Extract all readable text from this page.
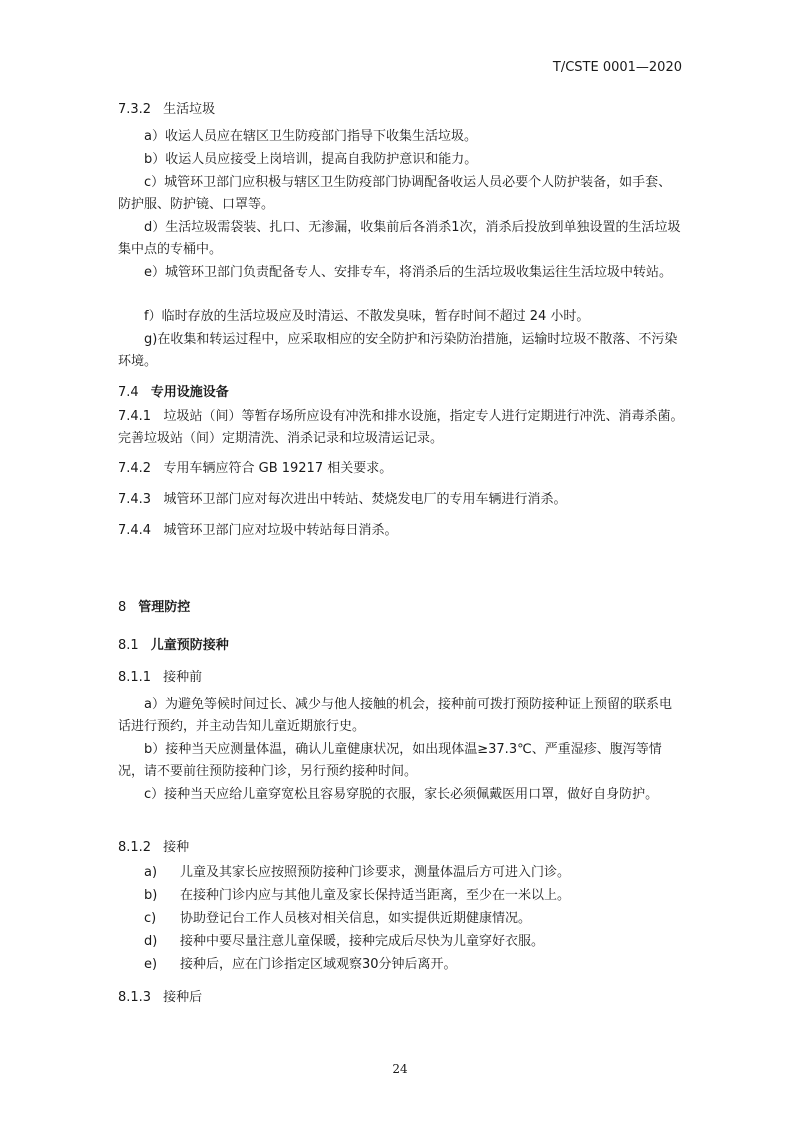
T/CSTE 0001—2020
7.3.2 生活垃圾
a）收运人员应在辖区卫生防疫部门指导下收集生活垃圾。
b）收运人员应接受上岗培训，提高自我防护意识和能力。
c）城管环卫部门应积极与辖区卫生防疫部门协调配备收运人员必要个人防护装备，如手套、防护服、防护镜、口罩等。
d）生活垃圾需袋装、扎口、无渗漏，收集前后各消杀1次，消杀后投放到单独设置的生活垃圾集中点的专桶中。
e）城管环卫部门负责配备专人、安排专车，将消杀后的生活垃圾收集运往生活垃圾中转站。
f）临时存放的生活垃圾应及时清运、不散发臭味，暂存时间不超过 24 小时。
g)在收集和转运过程中，应采取相应的安全防护和污染防治措施，运输时垃圾不散落、不污染环境。
7.4 专用设施设备
7.4.1 垃圾站（间）等暂存场所应设有冲洗和排水设施，指定专人进行定期进行冲洗、消毒杀菌。完善垃圾站（间）定期清洗、消杀记录和垃圾清运记录。
7.4.2 专用车辆应符合 GB 19217 相关要求。
7.4.3 城管环卫部门应对每次进出中转站、焚烧发电厂的专用车辆进行消杀。
7.4.4 城管环卫部门应对垃圾中转站每日消杀。
8 管理防控
8.1 儿童预防接种
8.1.1 接种前
a）为避免等候时间过长、减少与他人接触的机会，接种前可拨打预防接种证上预留的联系电话进行预约，并主动告知儿童近期旅行史。
b）接种当天应测量体温，确认儿童健康状况，如出现体温≥37.3℃、严重湿疹、腹泻等情况，请不要前往预防接种门诊，另行预约接种时间。
c）接种当天应给儿童穿宽松且容易穿脱的衣服，家长必须佩戴医用口罩，做好自身防护。
8.1.2 接种
a) 儿童及其家长应按照预防接种门诊要求，测量体温后方可进入门诊。
b) 在接种门诊内应与其他儿童及家长保持适当距离，至少在一米以上。
c) 协助登记台工作人员核对相关信息，如实提供近期健康情况。
d) 接种中要尽量注意儿童保暖，接种完成后尽快为儿童穿好衣服。
e) 接种后，应在门诊指定区域观察30分钟后离开。
8.1.3 接种后
24
